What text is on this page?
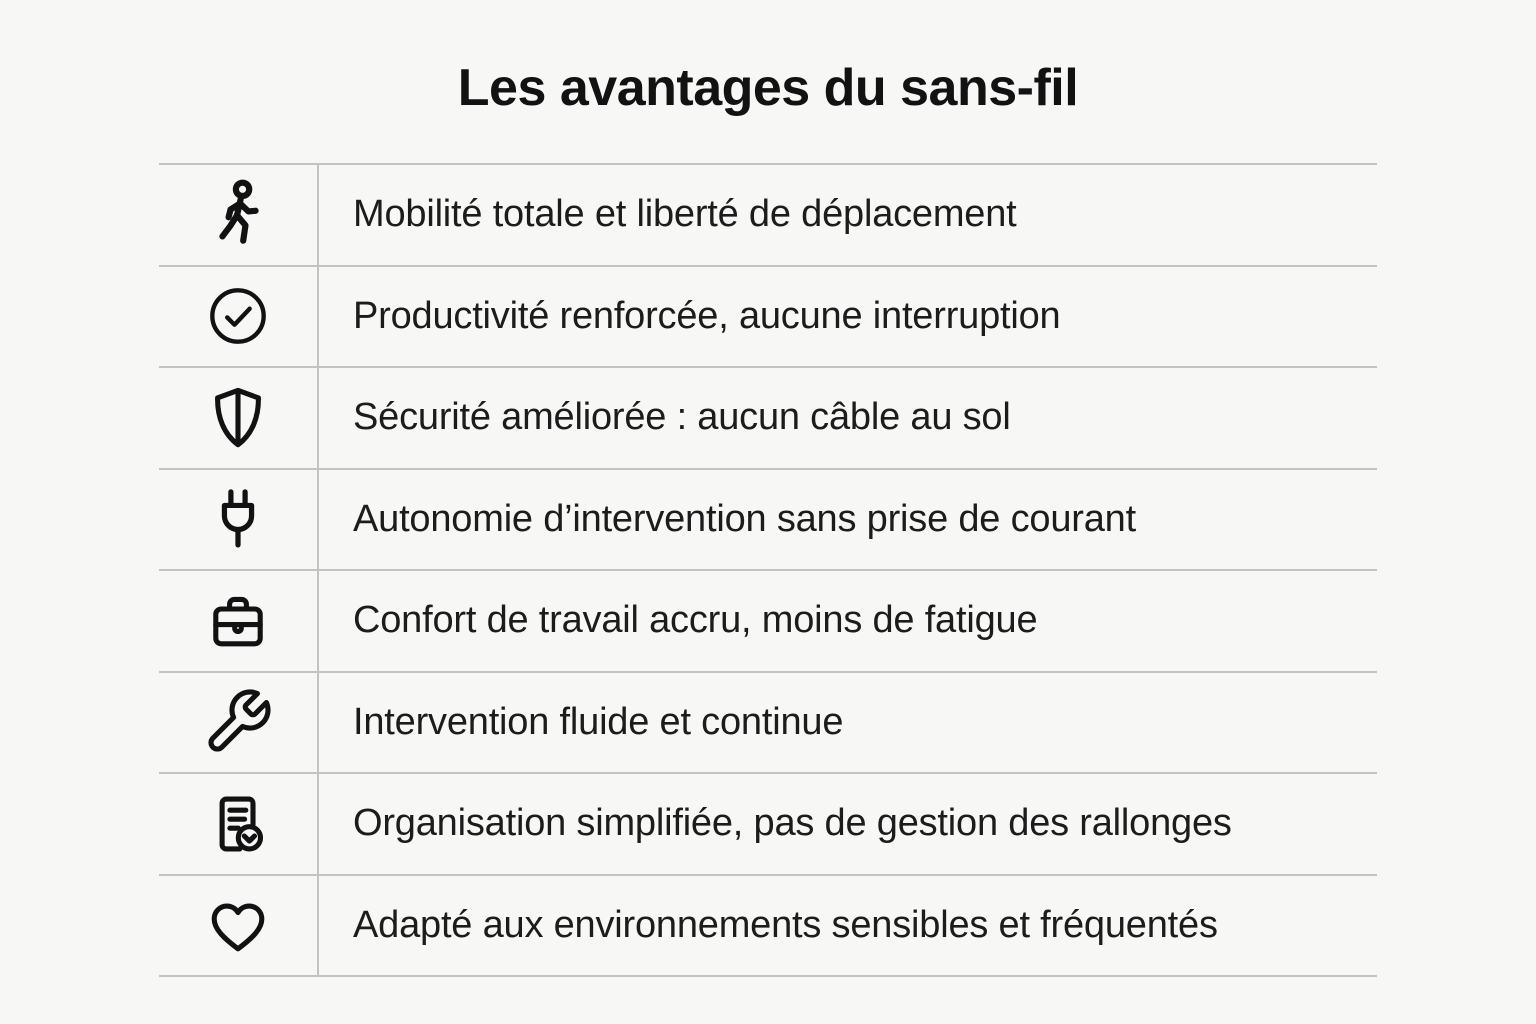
Les avantages du sans-fil
Mobilité totale et liberté de déplacement
Productivité renforcée, aucune interruption
Sécurité améliorée : aucun câble au sol
Autonomie d’intervention sans prise de courant
Confort de travail accru, moins de fatigue
Intervention fluide et continue
Organisation simplifiée, pas de gestion des rallonges
Adapté aux environnements sensibles et fréquentés
